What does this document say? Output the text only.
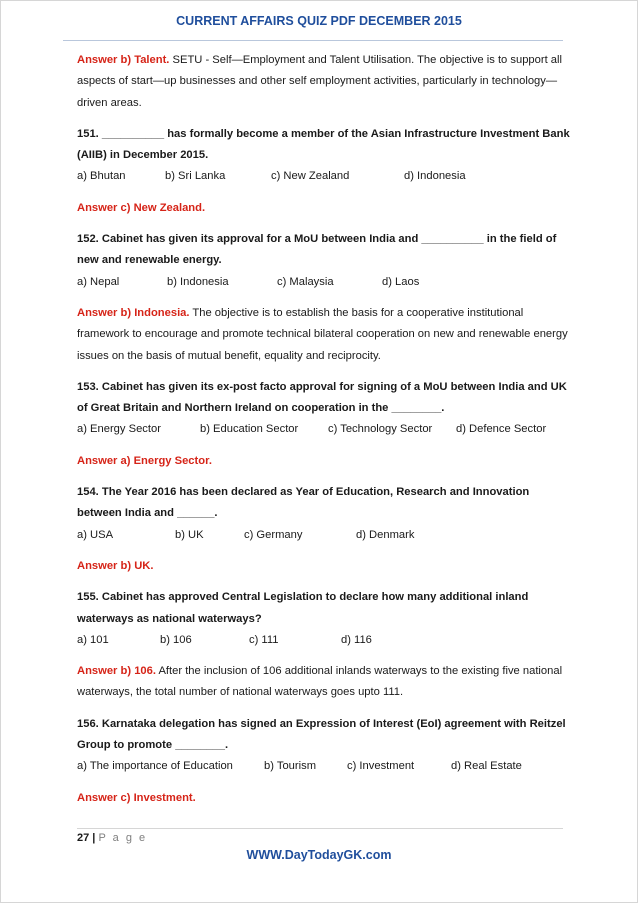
CURRENT AFFAIRS QUIZ PDF DECEMBER 2015

Answer b) Talent. SETU - Self—Employment and Talent Utilisation. The objective is to support all aspects of start—up businesses and other self employment activities, particularly in technology—driven areas.

151. __________ has formally become a member of the Asian Infrastructure Investment Bank (AIIB) in December 2015.
a) Bhutan	b) Sri Lanka	c) New Zealand	d) Indonesia

Answer c) New Zealand.

152. Cabinet has given its approval for a MoU between India and __________ in the field of new and renewable energy.
a) Nepal	b) Indonesia	c) Malaysia	d) Laos

Answer b) Indonesia. The objective is to establish the basis for a cooperative institutional framework to encourage and promote technical bilateral cooperation on new and renewable energy issues on the basis of mutual benefit, equality and reciprocity.

153. Cabinet has given its ex-post facto approval for signing of a MoU between India and UK of Great Britain and Northern Ireland on cooperation in the ________.
a) Energy Sector	b) Education Sector	c) Technology Sector d) Defence Sector

Answer a) Energy Sector.

154. The Year 2016 has been declared as Year of Education, Research and Innovation between India and ______.
a) USA	b) UK	c) Germany	d) Denmark

Answer b) UK.

155. Cabinet has approved Central Legislation to declare how many additional inland waterways as national waterways?
a) 101	b) 106	c) 111	d) 116

Answer b) 106. After the inclusion of 106 additional inlands waterways to the existing five national waterways, the total number of national waterways goes upto 111.

156. Karnataka delegation has signed an Expression of Interest (EoI) agreement with Reitzel Group to promote ________.
a) The importance of Education	b) Tourism	c) Investment	d) Real Estate

Answer c) Investment.

27 | P a g e
WWW.DayTodayGK.com
